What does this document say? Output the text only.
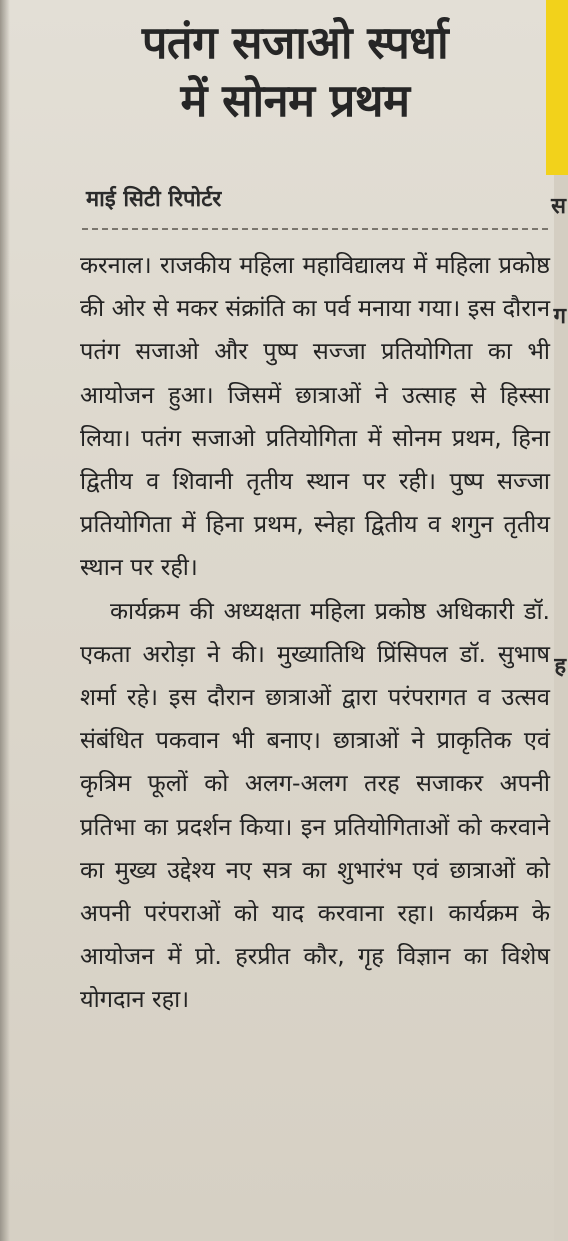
स
ग
ह
पतंग सजाओ स्पर्धा
में सोनम प्रथम
माई सिटी रिपोर्टर

करनाल। राजकीय महिला महाविद्यालय में महिला प्रकोष्ठ की ओर से मकर संक्रांति का पर्व मनाया गया। इस दौरान पतंग सजाओ और पुष्प सज्जा प्रतियोगिता का भी आयोजन हुआ। जिसमें छात्राओं ने उत्साह से हिस्सा लिया। पतंग सजाओ प्रतियोगिता में सोनम प्रथम, हिना द्वितीय व शिवानी तृतीय स्थान पर रही। पुष्प सज्जा प्रतियोगिता में हिना प्रथम, स्नेहा द्वितीय व शगुन तृतीय स्थान पर रही।

कार्यक्रम की अध्यक्षता महिला प्रकोष्ठ अधिकारी डॉ. एकता अरोड़ा ने की। मुख्यातिथि प्रिंसिपल डॉ. सुभाष शर्मा रहे। इस दौरान छात्राओं द्वारा परंपरागत व उत्सव संबंधित पकवान भी बनाए। छात्राओं ने प्राकृतिक एवं कृत्रिम फूलों को अलग-अलग तरह सजाकर अपनी प्रतिभा का प्रदर्शन किया। इन प्रतियोगिताओं को करवाने का मुख्य उद्देश्य नए सत्र का शुभारंभ एवं छात्राओं को अपनी परंपराओं को याद करवाना रहा। कार्यक्रम के आयोजन में प्रो. हरप्रीत कौर, गृह विज्ञान का विशेष योगदान रहा।
